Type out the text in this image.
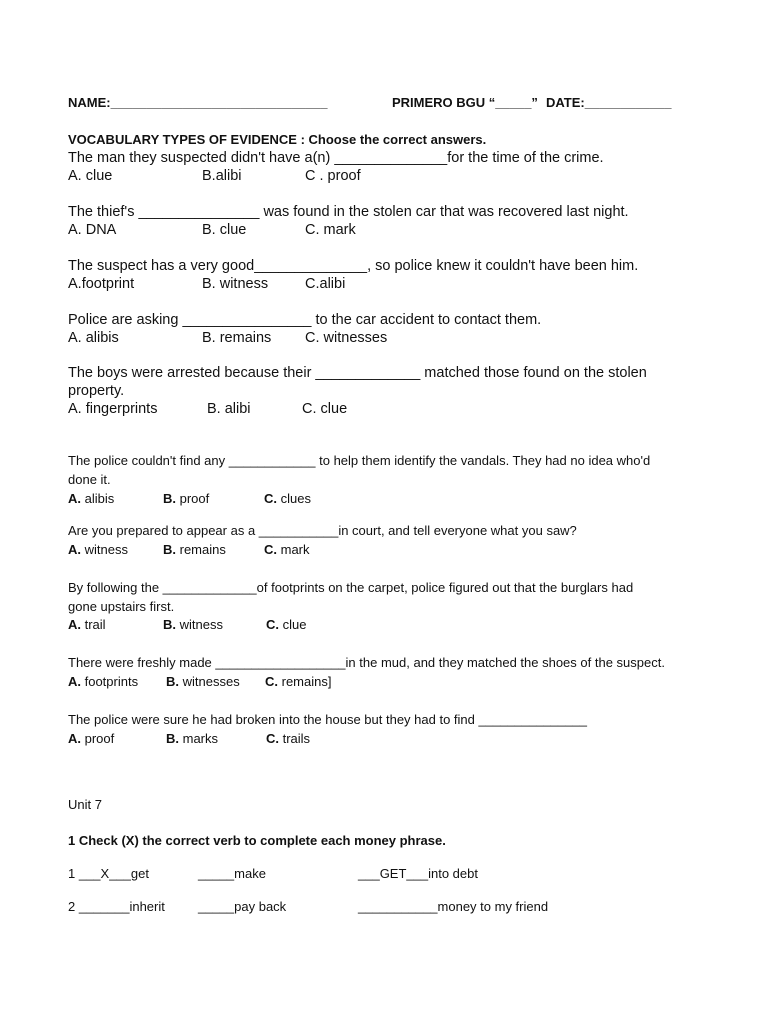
NAME:______________________________	PRIMERO BGU “_____” DATE:____________
VOCABULARY TYPES OF EVIDENCE : Choose the correct answers.
The man they suspected didn't have a(n) ______________for the time of the crime.
A. clue	B.alibi	C . proof
The thief's _______________ was found in the stolen car that was recovered last night.
A. DNA	B. clue	C. mark
The suspect has a very good______________, so police knew it couldn't have been him.
A.footprint	B. witness	C.alibi
Police are asking ________________ to the car accident to contact them.
A. alibis	B. remains C. witnesses
The boys were arrested because their _____________ matched those found on the stolen
property.
A. fingerprints	B. alibi	C. clue
The police couldn't find any ____________ to help them identify the vandals. They had no idea who'd
done it.
A. alibis	B. proof	C. clues
Are you prepared to appear as a ___________in court, and tell everyone what you saw?
A. witness	B. remains	C. mark
By following the _____________of footprints on the carpet, police figured out that the burglars had
gone upstairs first.
A. trail	B. witness	C. clue
There were freshly made __________________in the mud, and they matched the shoes of the suspect.
A. footprints B. witnesses C. remains]
The police were sure he had broken into the house but they had to find _______________
A. proof	B. marks	C. trails
Unit 7
1 Check (X) the correct verb to complete each money phrase.
1 ___X___get	_____make	___GET___into debt
2 _______inherit	_____pay back	___________money to my friend
